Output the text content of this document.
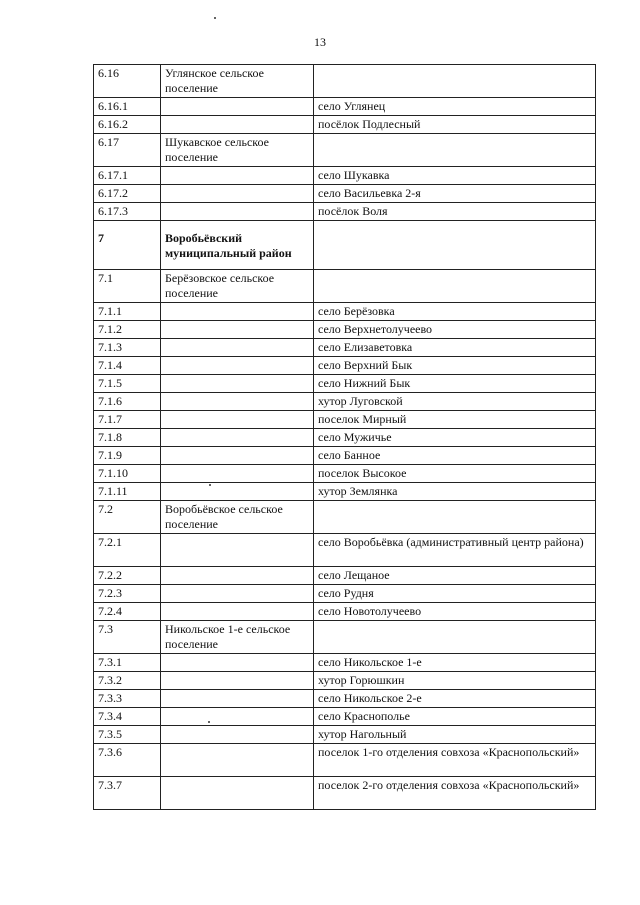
13
6.16	Углянское сельское поселение	
6.16.1		село Углянец
6.16.2		посёлок Подлесный
6.17	Шукавское сельское поселение	
6.17.1		село Шукавка
6.17.2		село Васильевка 2-я
6.17.3		посёлок Воля
7	Воробьёвский муниципальный район	
7.1	Берёзовское сельское поселение	
7.1.1		село Берёзовка
7.1.2		село Верхнетолучеево
7.1.3		село Елизаветовка
7.1.4		село Верхний Бык
7.1.5		село Нижний Бык
7.1.6		хутор Луговской
7.1.7		поселок Мирный
7.1.8		село Мужичье
7.1.9		село Банное
7.1.10		поселок Высокое
7.1.11		хутор Землянка
7.2	Воробьёвское сельское поселение	
7.2.1		село Воробьёвка (административный центр района)
7.2.2		село Лещаное
7.2.3		село Рудня
7.2.4		село Новотолучеево
7.3	Никольское 1-е сельское поселение	
7.3.1		село Никольское 1-е
7.3.2		хутор Горюшкин
7.3.3		село Никольское 2-е
7.3.4		село Краснополье
7.3.5		хутор Нагольный
7.3.6		поселок 1-го отделения совхоза «Краснопольский»
7.3.7		поселок 2-го отделения совхоза «Краснопольский»
